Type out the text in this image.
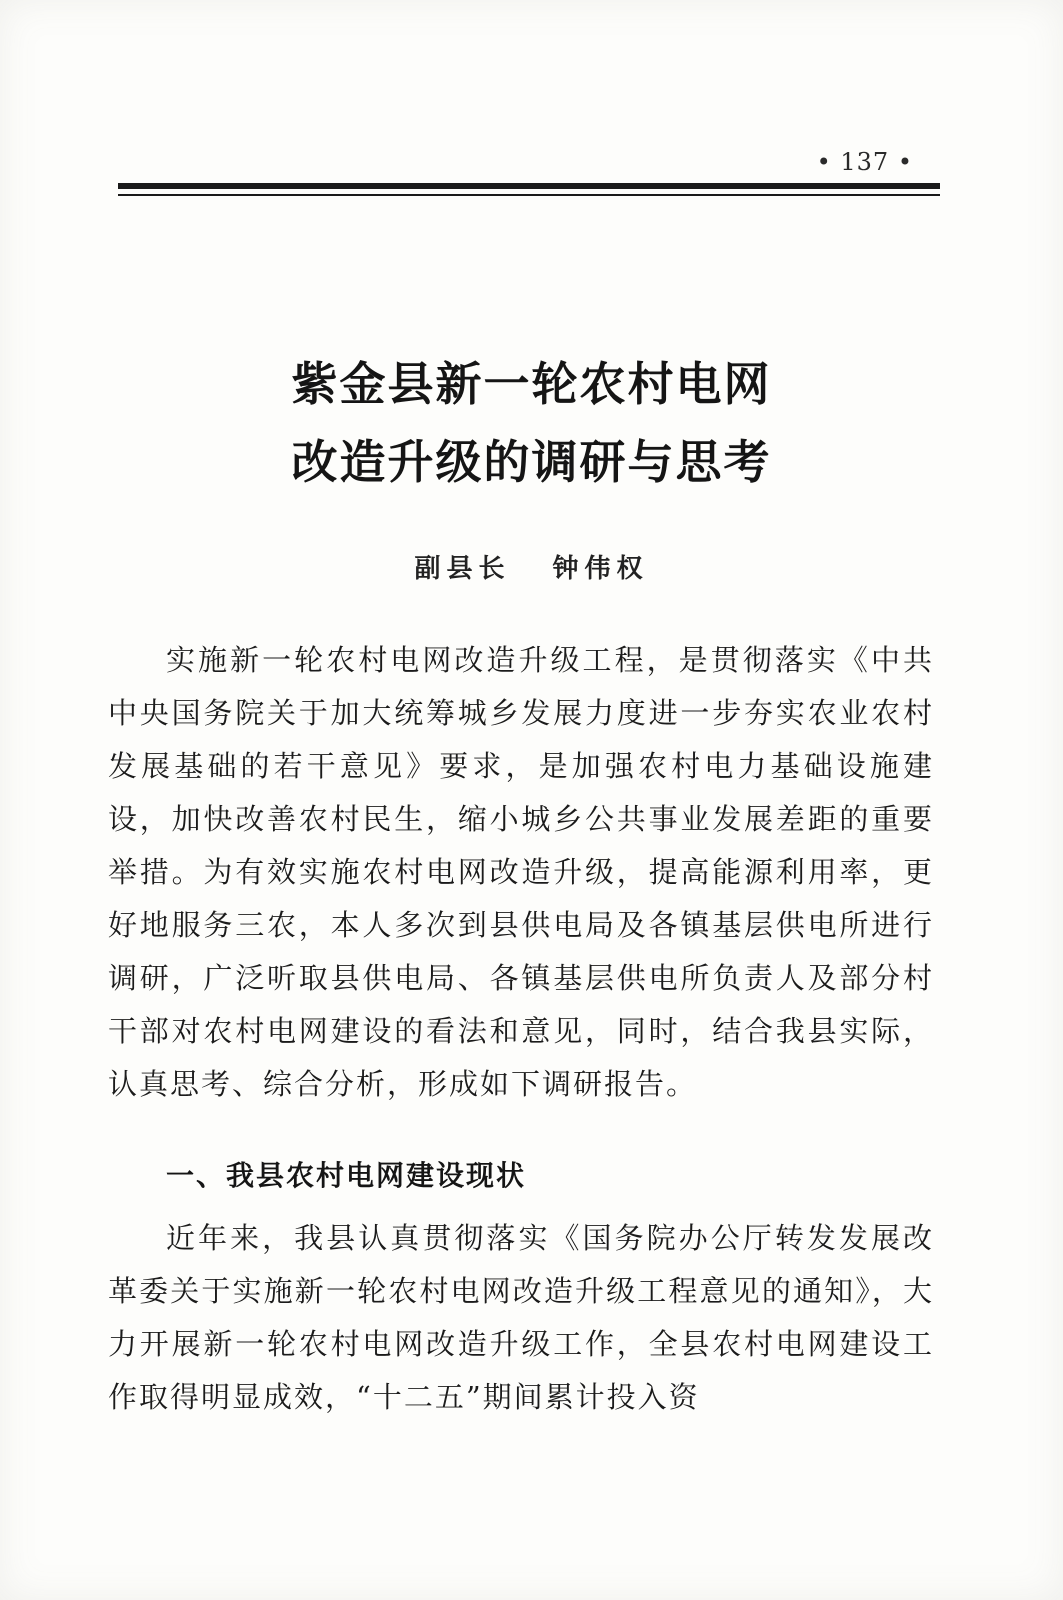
• 137 •
紫金县新一轮农村电网
改造升级的调研与思考
副县长 钟伟权

实施新一轮农村电网改造升级工程，是贯彻落实《中共中央国务院关于加大统筹城乡发展力度进一步夯实农业农村发展基础的若干意见》要求，是加强农村电力基础设施建设，加快改善农村民生，缩小城乡公共事业发展差距的重要举措。为有效实施农村电网改造升级，提高能源利用率，更好地服务三农，本人多次到县供电局及各镇基层供电所进行调研，广泛听取县供电局、各镇基层供电所负责人及部分村干部对农村电网建设的看法和意见，同时，结合我县实际，认真思考、综合分析，形成如下调研报告。

一、我县农村电网建设现状

近年来，我县认真贯彻落实《国务院办公厅转发发展改革委关于实施新一轮农村电网改造升级工程意见的通知》，大力开展新一轮农村电网改造升级工作，全县农村电网建设工作取得明显成效，“十二五”期间累计投入资
